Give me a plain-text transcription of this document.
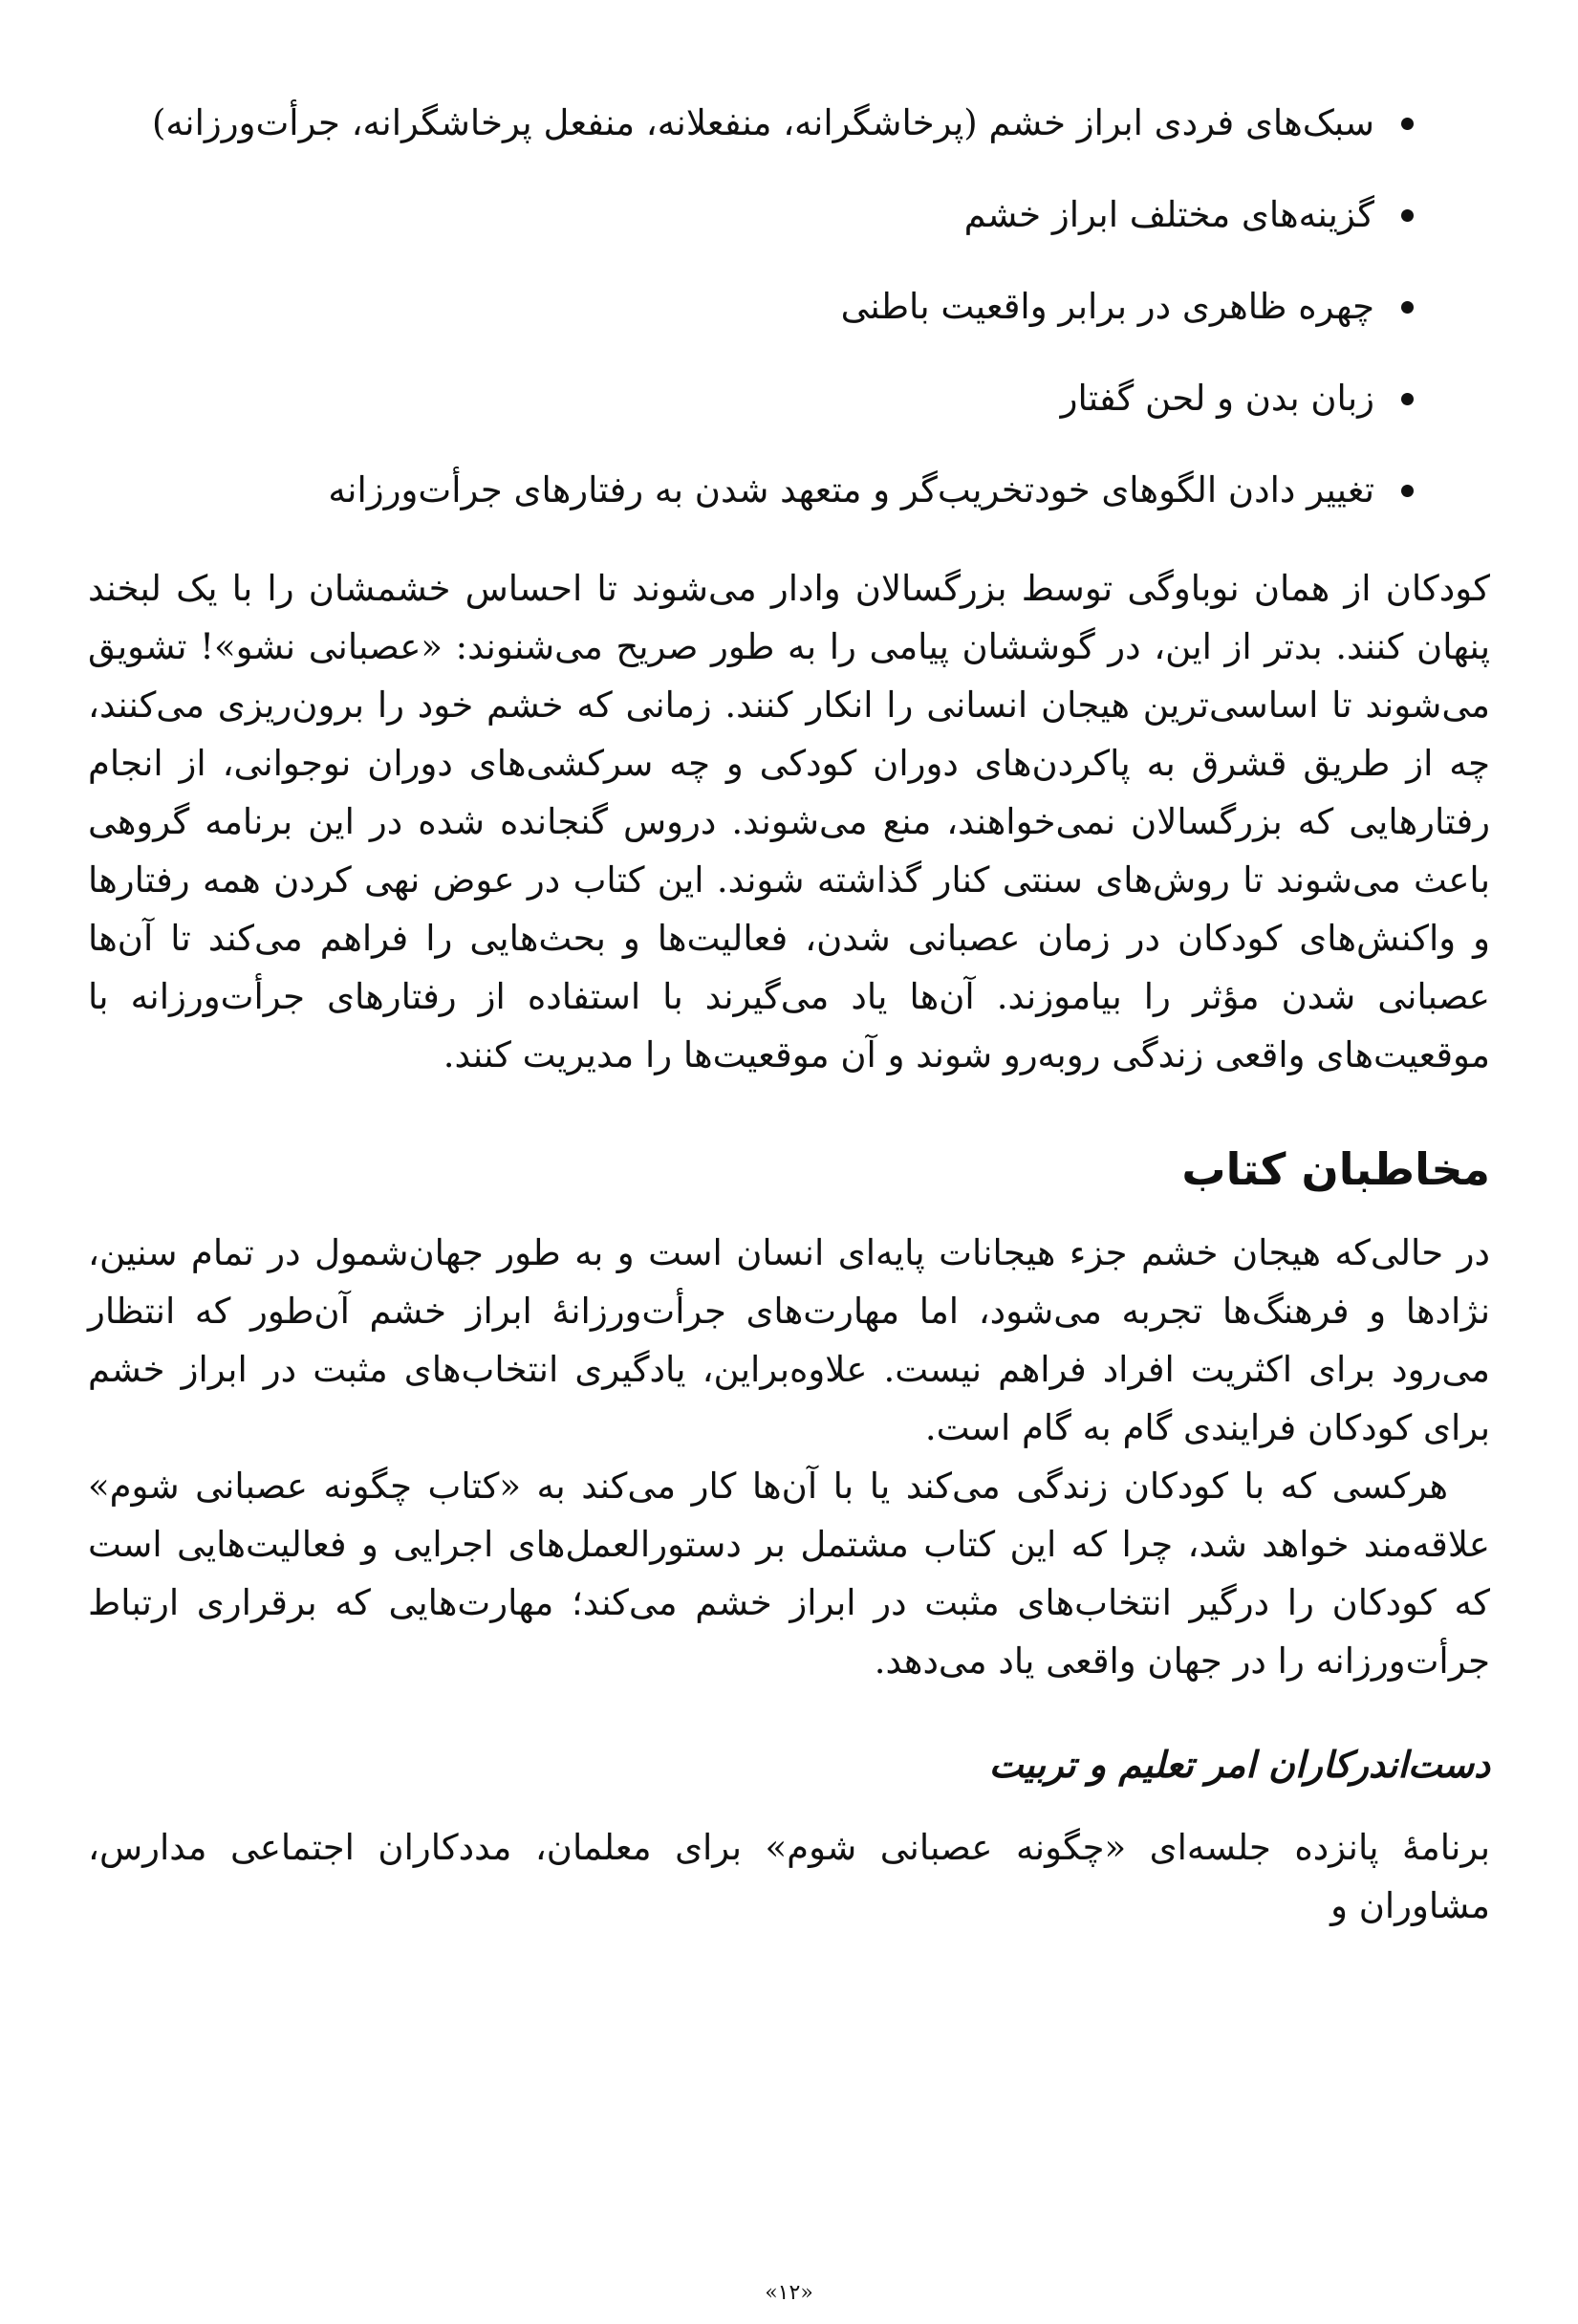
سبک‌های فردی ابراز خشم (پرخاشگرانه، منفعلانه، منفعل پرخاشگرانه، جرأت‌ورزانه)
گزینه‌های مختلف ابراز خشم
چهره ظاهری در برابر واقعیت باطنی
زبان بدن و لحن گفتار
تغییر دادن الگوهای خودتخریب‌گر و متعهد شدن به رفتارهای جرأت‌ورزانه

کودکان از همان نوباوگی توسط بزرگسالان وادار می‌شوند تا احساس خشمشان را با یک لبخند پنهان کنند. بدتر از این، در گوششان پیامی را به طور صریح می‌شنوند: «عصبانی نشو»! تشویق می‌شوند تا اساسی‌ترین هیجان انسانی را انکار کنند. زمانی که خشم خود را برون‌ریزی می‌کنند، چه از طریق قشرق به پاکردن‌های دوران کودکی و چه سرکشی‌های دوران نوجوانی، از انجام رفتارهایی که بزرگسالان نمی‌خواهند، منع می‌شوند. دروس گنجانده شده در این برنامه گروهی باعث می‌شوند تا روش‌های سنتی کنار گذاشته شوند. این کتاب در عوض نهی کردن همه رفتارها و واکنش‌های کودکان در زمان عصبانی شدن، فعالیت‌ها و بحث‌هایی را فراهم می‌کند تا آن‌ها عصبانی شدن مؤثر را بیاموزند. آن‌ها یاد می‌گیرند با استفاده از رفتارهای جرأت‌ورزانه با موقعیت‌های واقعی زندگی روبه‌رو شوند و آن موقعیت‌ها را مدیریت کنند.

مخاطبان کتاب

در حالی‌که هیجان خشم جزء هیجانات پایه‌ای انسان است و به طور جهان‌شمول در تمام سنین، نژادها و فرهنگ‌ها تجربه می‌شود، اما مهارت‌های جرأت‌ورزانهٔ ابراز خشم آن‌طور که انتظار می‌رود برای اکثریت افراد فراهم نیست. علاوه‌براین، یادگیری انتخاب‌های مثبت در ابراز خشم برای کودکان فرایندی گام به گام است.

هرکسی که با کودکان زندگی می‌کند یا با آن‌ها کار می‌کند به «کتاب چگونه عصبانی شوم» علاقه‌مند خواهد شد، چرا که این کتاب مشتمل بر دستورالعمل‌های اجرایی و فعالیت‌هایی است که کودکان را درگیر انتخاب‌های مثبت در ابراز خشم می‌کند؛ مهارت‌هایی که برقراری ارتباط جرأت‌ورزانه را در جهان واقعی یاد می‌دهد.

دست‌اندرکاران امر تعلیم و تربیت

برنامهٔ پانزده جلسه‌ای «چگونه عصبانی شوم» برای معلمان، مددکاران اجتماعی مدارس، مشاوران و

«۱۲»
